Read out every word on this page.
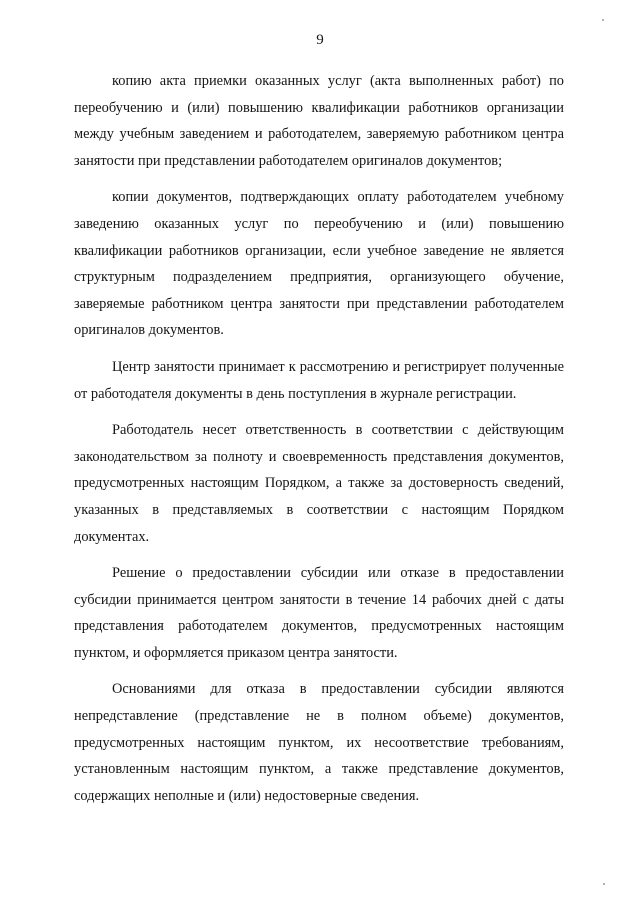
9

копию акта приемки оказанных услуг (акта выполненных работ) по переобучению и (или) повышению квалификации работников организации между учебным заведением и работодателем, заверяемую работником центра занятости при представлении работодателем оригиналов документов;

копии документов, подтверждающих оплату работодателем учебному заведению оказанных услуг по переобучению и (или) повышению квалификации работников организации, если учебное заведение не является структурным подразделением предприятия, организующего обучение, заверяемые работником центра занятости при представлении работодателем оригиналов документов.

Центр занятости принимает к рассмотрению и регистрирует полученные от работодателя документы в день поступления в журнале регистрации.

Работодатель несет ответственность в соответствии с действующим законодательством за полноту и своевременность представления документов, предусмотренных настоящим Порядком, а также за достоверность сведений, указанных в представляемых в соответствии с настоящим Порядком документах.

Решение о предоставлении субсидии или отказе в предоставлении субсидии принимается центром занятости в течение 14 рабочих дней с даты представления работодателем документов, предусмотренных настоящим пунктом, и оформляется приказом центра занятости.

Основаниями для отказа в предоставлении субсидии являются непредставление (представление не в полном объеме) документов, предусмотренных настоящим пунктом, их несоответствие требованиям, установленным настоящим пунктом, а также представление документов, содержащих неполные и (или) недостоверные сведения.
